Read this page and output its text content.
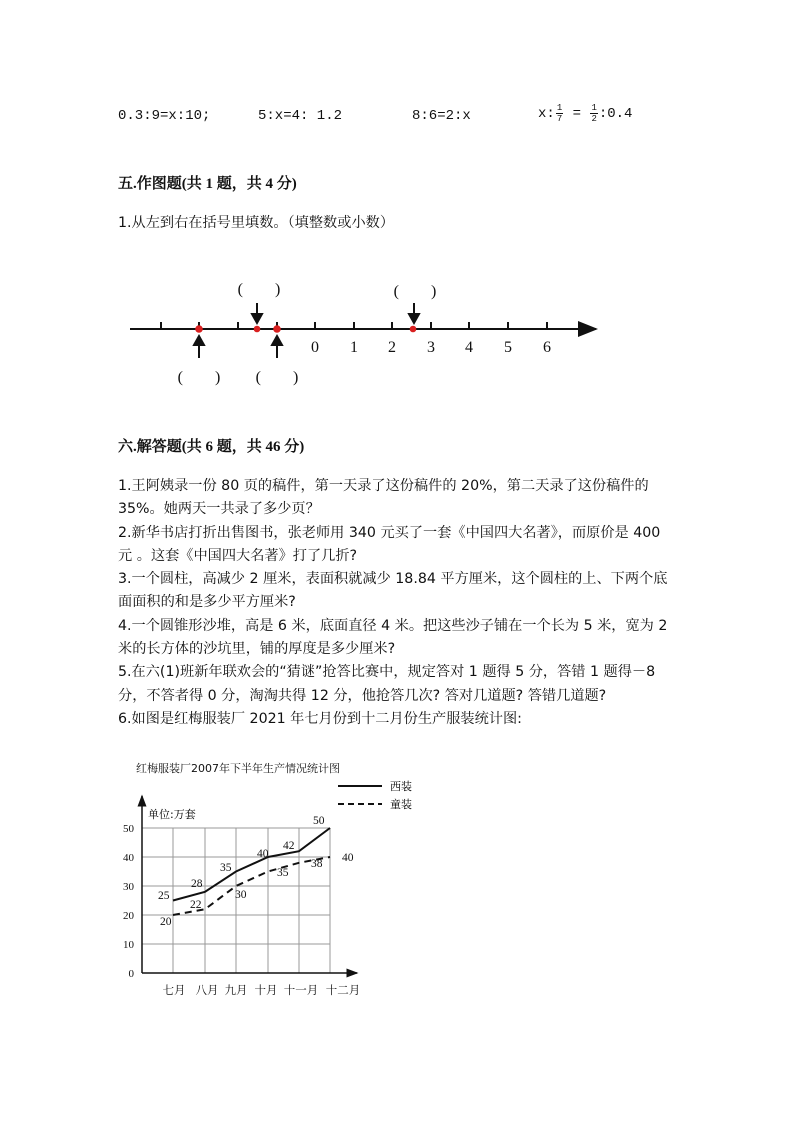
0.3:9=x:10;	5:x=4: 1.2	8:6=2:x	x: $\frac{1}{7} = \frac{1}{2}$ :0.4
五.作图题(共 1 题，共 4 分)
1.从左到右在括号里填数。（填整数或小数）
0 1 2 3 4 5 6
(　　)	(　　)
(　　) (　　)
六.解答题(共 6 题，共 46 分)

1.王阿姨录一份 80 页的稿件，第一天录了这份稿件的 20%，第二天录了这份稿件的 35%。她两天一共录了多少页？

2.新华书店打折出售图书，张老师用 340 元买了一套《中国四大名著》，而原价是 400 元 。这套《中国四大名著》打了几折?

3.一个圆柱，高减少 2 厘米，表面积就减少 18.84 平方厘米，这个圆柱的上、下两个底面面积的和是多少平方厘米?

4.一个圆锥形沙堆，高是 6 米，底面直径 4 米。把这些沙子铺在一个长为 5 米，宽为 2 米的长方体的沙坑里，铺的厚度是多少厘米?

5.在六(1)班新年联欢会的“猜谜”抢答比赛中，规定答对 1 题得 5 分，答错 1 题得－8 分，不答者得 0 分，淘淘共得 12 分，他抢答几次? 答对几道题? 答错几道题?

6.如图是红梅服装厂 2021 年七月份到十二月份生产服装统计图:

红梅服装厂2007年下半年生产情况统计图
西装
童装
单位:万套
0
10
20
30
40
50
七月 八月 九月 十月 十一月 十二月
25
28
35
40
42
50
20
22
30
35
38 40
